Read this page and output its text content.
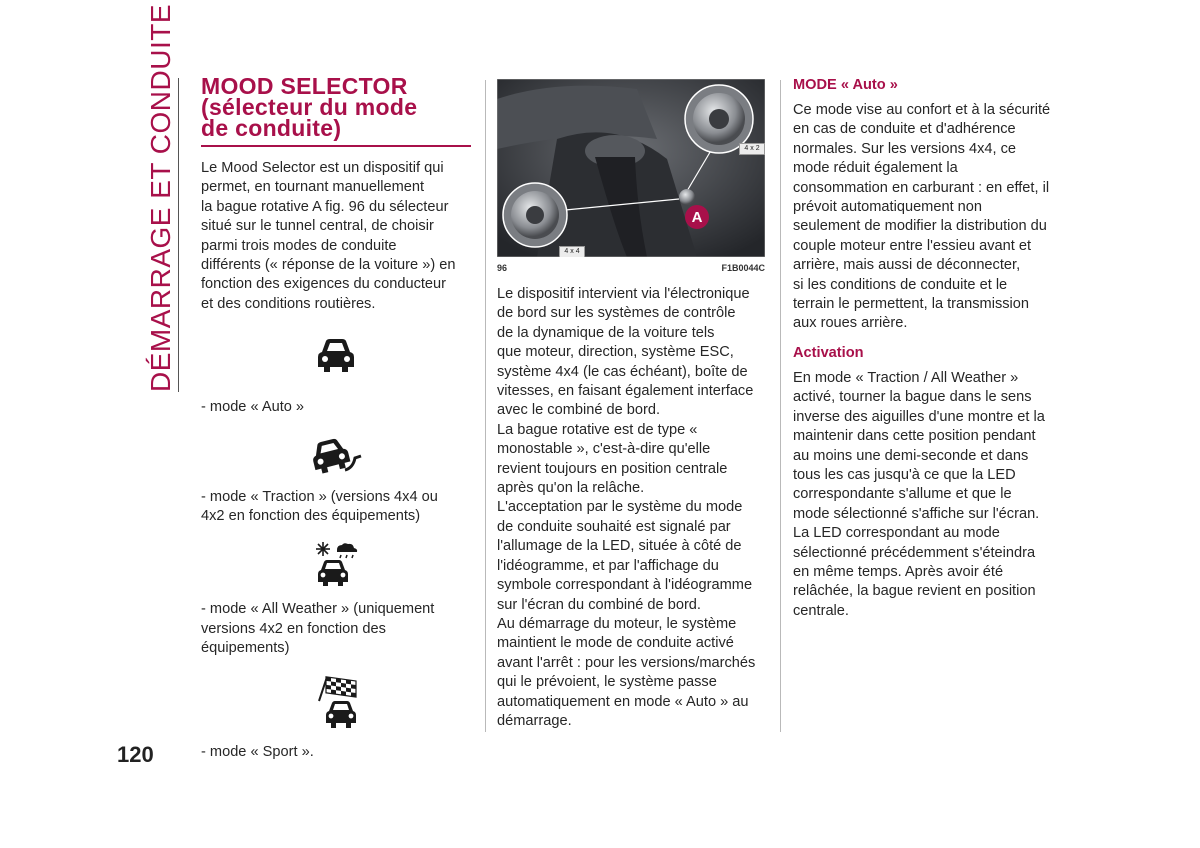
DÉMARRAGE ET CONDUITE
120
MOOD SELECTOR
(sélecteur du mode
de conduite)
Le Mood Selector est un dispositif qui
permet, en tournant manuellement
la bague rotative A fig. 96 du sélecteur
situé sur le tunnel central, de choisir
parmi trois modes de conduite
différents (« réponse de la voiture ») en
fonction des exigences du conducteur
et des conditions routières.
- mode « Auto »
- mode « Traction » (versions 4x4 ou
4x2 en fonction des équipements)
- mode « All Weather » (uniquement
versions 4x2 en fonction des
équipements)
- mode « Sport ».
4 x 2
4 x 4
A
96	F1B0044C
Le dispositif intervient via l'électronique
de bord sur les systèmes de contrôle
de la dynamique de la voiture tels
que moteur, direction, système ESC,
système 4x4 (le cas échéant), boîte de
vitesses, en faisant également interface
avec le combiné de bord.
La bague rotative est de type «
monostable », c'est-à-dire qu'elle
revient toujours en position centrale
après qu'on la relâche.
L'acceptation par le système du mode
de conduite souhaité est signalé par
l'allumage de la LED, située à côté de
l'idéogramme, et par l'affichage du
symbole correspondant à l'idéogramme
sur l'écran du combiné de bord.
Au démarrage du moteur, le système
maintient le mode de conduite activé
avant l'arrêt : pour les versions/marchés
qui le prévoient, le système passe
automatiquement en mode « Auto » au
démarrage.
MODE « Auto »
Ce mode vise au confort et à la sécurité
en cas de conduite et d'adhérence
normales. Sur les versions 4x4, ce
mode réduit également la
consommation en carburant : en effet, il
prévoit automatiquement non
seulement de modifier la distribution du
couple moteur entre l'essieu avant et
arrière, mais aussi de déconnecter,
si les conditions de conduite et le
terrain le permettent, la transmission
aux roues arrière.
Activation
En mode « Traction / All Weather »
activé, tourner la bague dans le sens
inverse des aiguilles d'une montre et la
maintenir dans cette position pendant
au moins une demi-seconde et dans
tous les cas jusqu'à ce que la LED
correspondante s'allume et que le
mode sélectionné s'affiche sur l'écran.
La LED correspondant au mode
sélectionné précédemment s'éteindra
en même temps. Après avoir été
relâchée, la bague revient en position
centrale.
